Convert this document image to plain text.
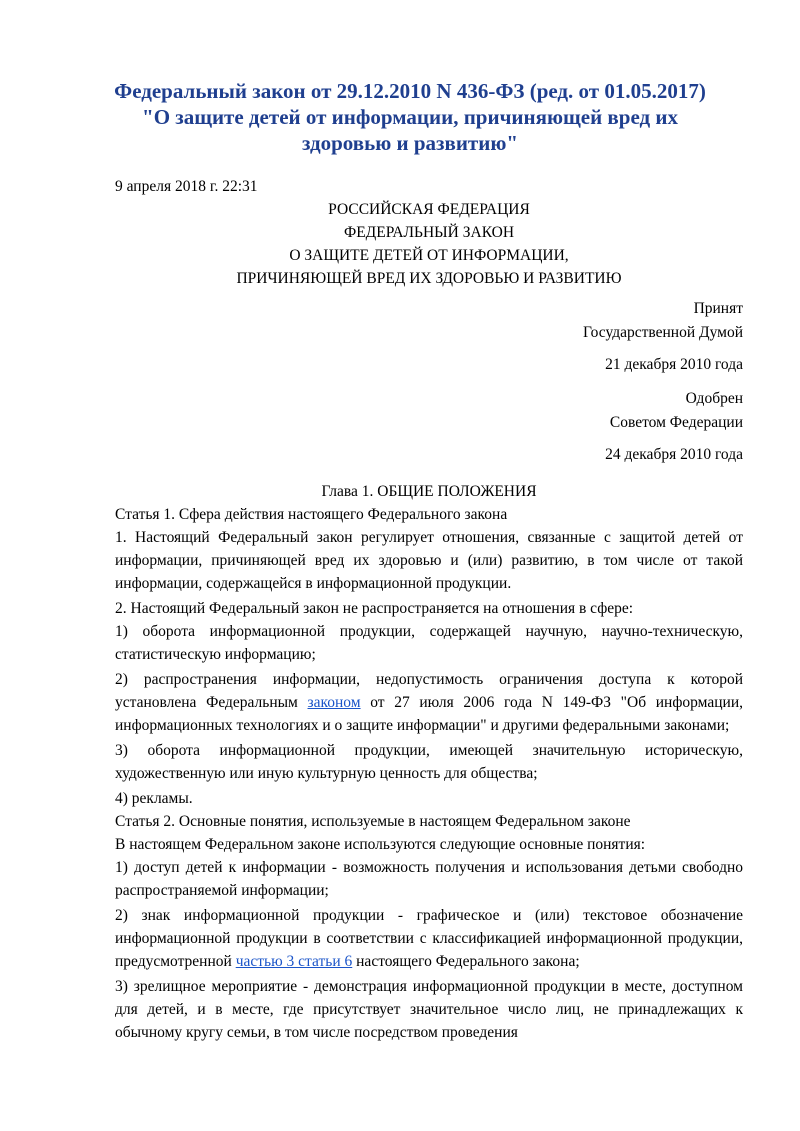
Федеральный закон от 29.12.2010 N 436-ФЗ (ред. от 01.05.2017)
"О защите детей от информации, причиняющей вред их
здоровью и развитию"
9 апреля 2018 г. 22:31
РОССИЙСКАЯ ФЕДЕРАЦИЯ
ФЕДЕРАЛЬНЫЙ ЗАКОН
О ЗАЩИТЕ ДЕТЕЙ ОТ ИНФОРМАЦИИ,
ПРИЧИНЯЮЩЕЙ ВРЕД ИХ ЗДОРОВЬЮ И РАЗВИТИЮ
Принят
Государственной Думой
21 декабря 2010 года
Одобрен
Советом Федерации
24 декабря 2010 года

Глава 1. ОБЩИЕ ПОЛОЖЕНИЯ

Статья 1. Сфера действия настоящего Федерального закона

1. Настоящий Федеральный закон регулирует отношения, связанные с защитой детей от информации, причиняющей вред их здоровью и (или) развитию, в том числе от такой информации, содержащейся в информационной продукции.

2. Настоящий Федеральный закон не распространяется на отношения в сфере:

1) оборота информационной продукции, содержащей научную, научно-техническую, статистическую информацию;

2) распространения информации, недопустимость ограничения доступа к которой установлена Федеральным законом от 27 июля 2006 года N 149-ФЗ "Об информации, информационных технологиях и о защите информации" и другими федеральными законами;

3) оборота информационной продукции, имеющей значительную историческую, художественную или иную культурную ценность для общества;

4) рекламы.

Статья 2. Основные понятия, используемые в настоящем Федеральном законе

В настоящем Федеральном законе используются следующие основные понятия:

1) доступ детей к информации - возможность получения и использования детьми свободно распространяемой информации;

2) знак информационной продукции - графическое и (или) текстовое обозначение информационной продукции в соответствии с классификацией информационной продукции, предусмотренной частью 3 статьи 6 настоящего Федерального закона;

3) зрелищное мероприятие - демонстрация информационной продукции в месте, доступном для детей, и в месте, где присутствует значительное число лиц, не принадлежащих к обычному кругу семьи, в том числе посредством проведения
